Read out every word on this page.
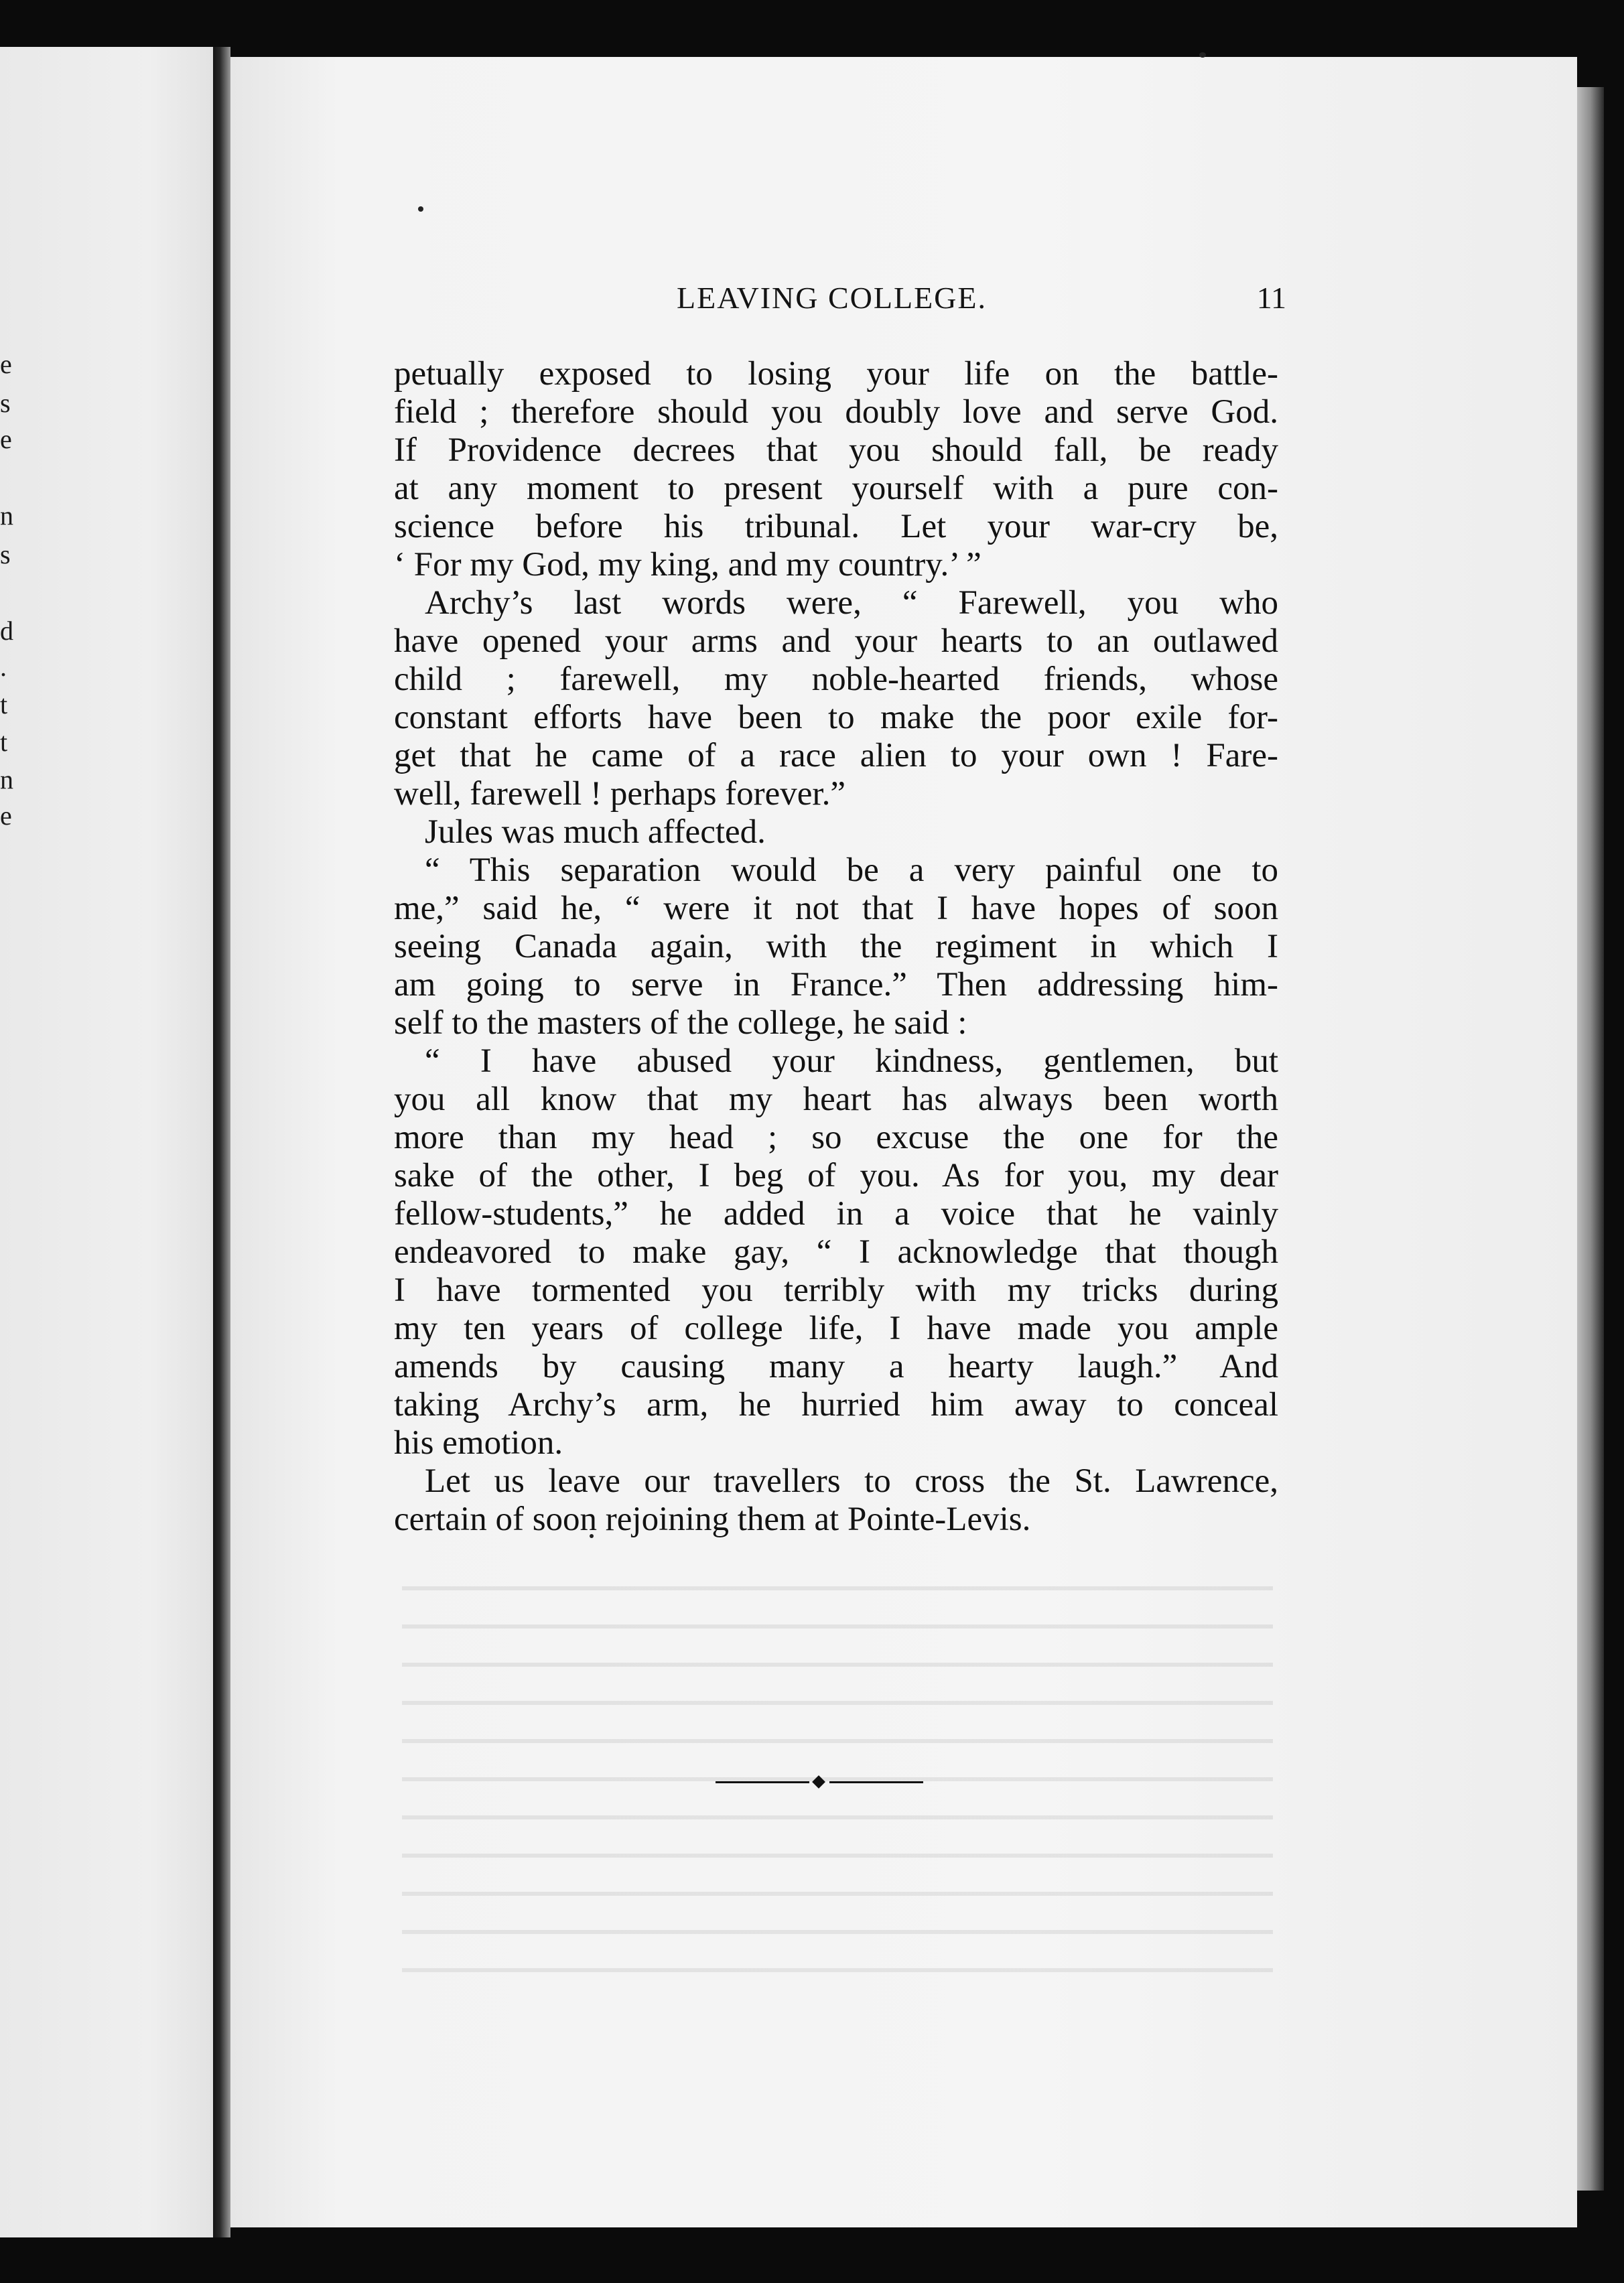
e
s
e
n
s
d
.
t
t
n
e
LEAVING COLLEGE.	11
petually exposed to losing your life on the battle-
field ; therefore should you doubly love and serve God.
If Providence decrees that you should fall, be ready
at any moment to present yourself with a pure con-
science before his tribunal. Let your war-cry be,
‘ For my God, my king, and my country.’ ”
Archy’s last words were, “ Farewell, you who
have opened your arms and your hearts to an outlawed
child ; farewell, my noble-hearted friends, whose
constant efforts have been to make the poor exile for-
get that he came of a race alien to your own ! Fare-
well, farewell ! perhaps forever.”
Jules was much affected.
“ This separation would be a very painful one to
me,” said he, “ were it not that I have hopes of soon
seeing Canada again, with the regiment in which I
am going to serve in France.” Then addressing him-
self to the masters of the college, he said :
“ I have abused your kindness, gentlemen, but
you all know that my heart has always been worth
more than my head ; so excuse the one for the
sake of the other, I beg of you. As for you, my dear
fellow-students,” he added in a voice that he vainly
endeavored to make gay, “ I acknowledge that though
I have tormented you terribly with my tricks during
my ten years of college life, I have made you ample
amends by causing many a hearty laugh.” And
taking Archy’s arm, he hurried him away to conceal
his emotion.
Let us leave our travellers to cross the St. Lawrence,
certain of soon rejoining them at Pointe-Levis.
